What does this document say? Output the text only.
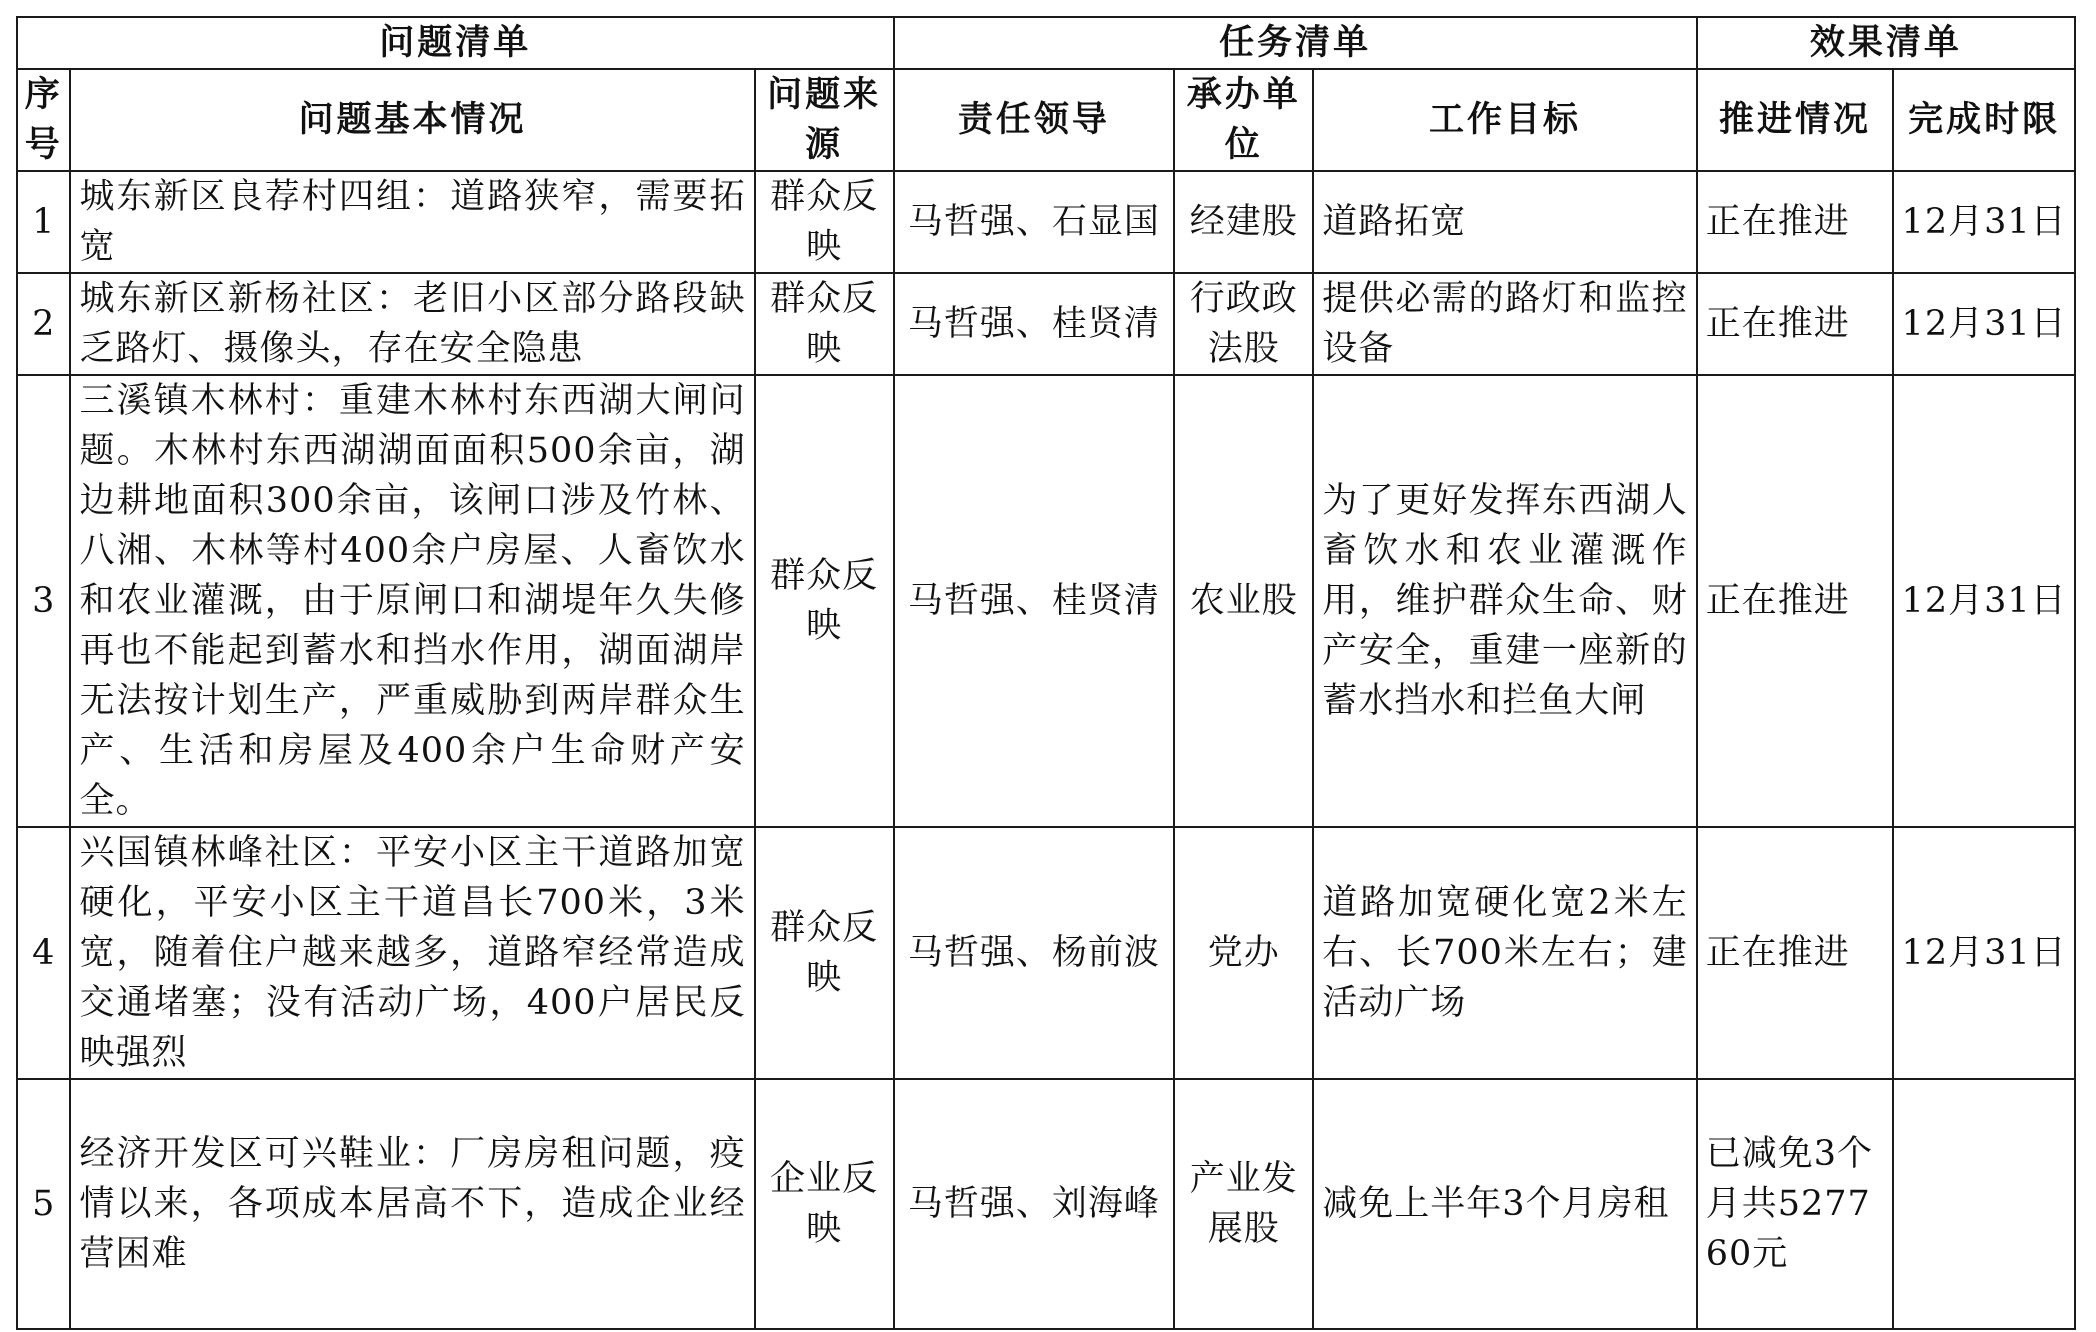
问题清单			任务清单			效果清单	
序号	问题基本情况	问题来源	责任领导	承办单位	工作目标	推进情况	完成时限
1	城东新区良荐村四组：道路狭窄，需要拓宽	群众反映	马哲强、石显国	经建股	道路拓宽	正在推进	12月31日
2	城东新区新杨社区：老旧小区部分路段缺乏路灯、摄像头，存在安全隐患	群众反映	马哲强、桂贤清	行政政法股	提供必需的路灯和监控设备	正在推进	12月31日
3	三溪镇木林村：重建木林村东西湖大闸问题。木林村东西湖湖面面积500余亩，湖边耕地面积300余亩，该闸口涉及竹林、八湘、木林等村400余户房屋、人畜饮水和农业灌溉，由于原闸口和湖堤年久失修再也不能起到蓄水和挡水作用，湖面湖岸无法按计划生产，严重威胁到两岸群众生产、生活和房屋及400余户生命财产安全。	群众反映	马哲强、桂贤清	农业股	为了更好发挥东西湖人畜饮水和农业灌溉作用，维护群众生命、财产安全，重建一座新的蓄水挡水和拦鱼大闸	正在推进	12月31日
4	兴国镇林峰社区：平安小区主干道路加宽硬化，平安小区主干道昌长700米，3米宽，随着住户越来越多，道路窄经常造成交通堵塞；没有活动广场，400户居民反映强烈	群众反映	马哲强、杨前波	党办	道路加宽硬化宽2米左右、长700米左右；建活动广场	正在推进	12月31日
5	经济开发区可兴鞋业：厂房房租问题，疫情以来，各项成本居高不下，造成企业经营困难	企业反映	马哲强、刘海峰	产业发展股	减免上半年3个月房租	已减免3个月共527760元	
